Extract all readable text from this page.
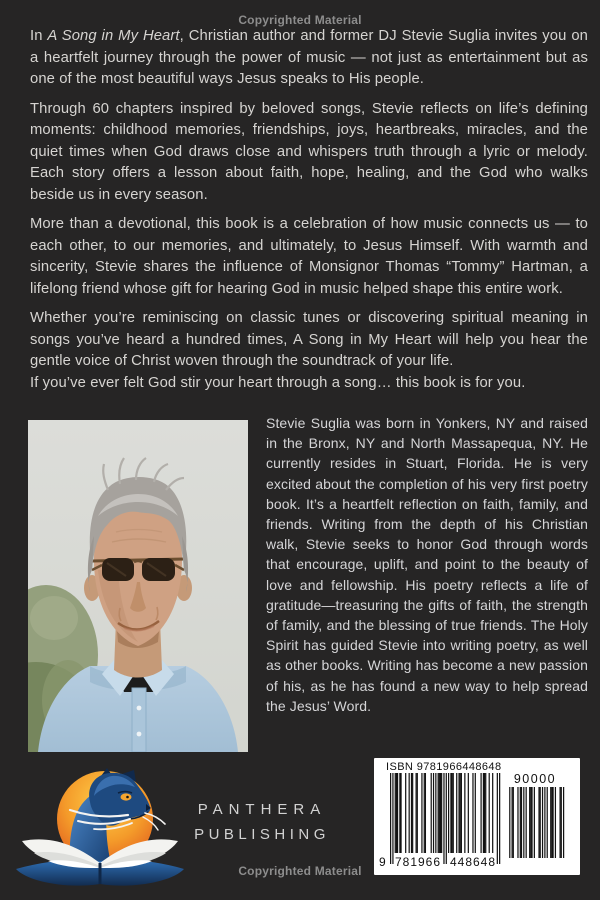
Copyrighted Material

In A Song in My Heart, Christian author and former DJ Stevie Suglia invites you on a heartfelt journey through the power of music — not just as entertainment but as one of the most beautiful ways Jesus speaks to His people.

Through 60 chapters inspired by beloved songs, Stevie reflects on life’s defining moments: childhood memories, friendships, joys, heartbreaks, miracles, and the quiet times when God draws close and whispers truth through a lyric or melody. Each story offers a lesson about faith, hope, healing, and the God who walks beside us in every season.

More than a devotional, this book is a celebration of how music connects us — to each other, to our memories, and ultimately, to Jesus Himself. With warmth and sincerity, Stevie shares the influence of Monsignor Thomas “Tommy” Hartman, a lifelong friend whose gift for hearing God in music helped shape this entire work.

Whether you’re reminiscing on classic tunes or discovering spiritual meaning in songs you’ve heard a hundred times, A Song in My Heart will help you hear the gentle voice of Christ woven through the soundtrack of your life.
If you’ve ever felt God stir your heart through a song… this book is for you.

Stevie Suglia was born in Yonkers, NY and raised in the Bronx, NY and North Massapequa, NY. He currently resides in Stuart, Florida. He is very excited about the completion of his very first poetry book. It’s a heartfelt reflection on faith, family, and friends. Writing from the depth of his Christian walk, Stevie seeks to honor God through words that encourage, uplift, and point to the beauty of love and fellowship. His poetry reflects a life of gratitude—treasuring the gifts of faith, the strength of family, and the blessing of true friends. The Holy Spirit has guided Stevie into writing poetry, as well as other books. Writing has become a new passion of his, as he has found a new way to help spread the Jesus’ Word.
PANTHERA
PUBLISHING
Copyrighted Material
ISBN 9781966448648
9 781966 448648
90000
